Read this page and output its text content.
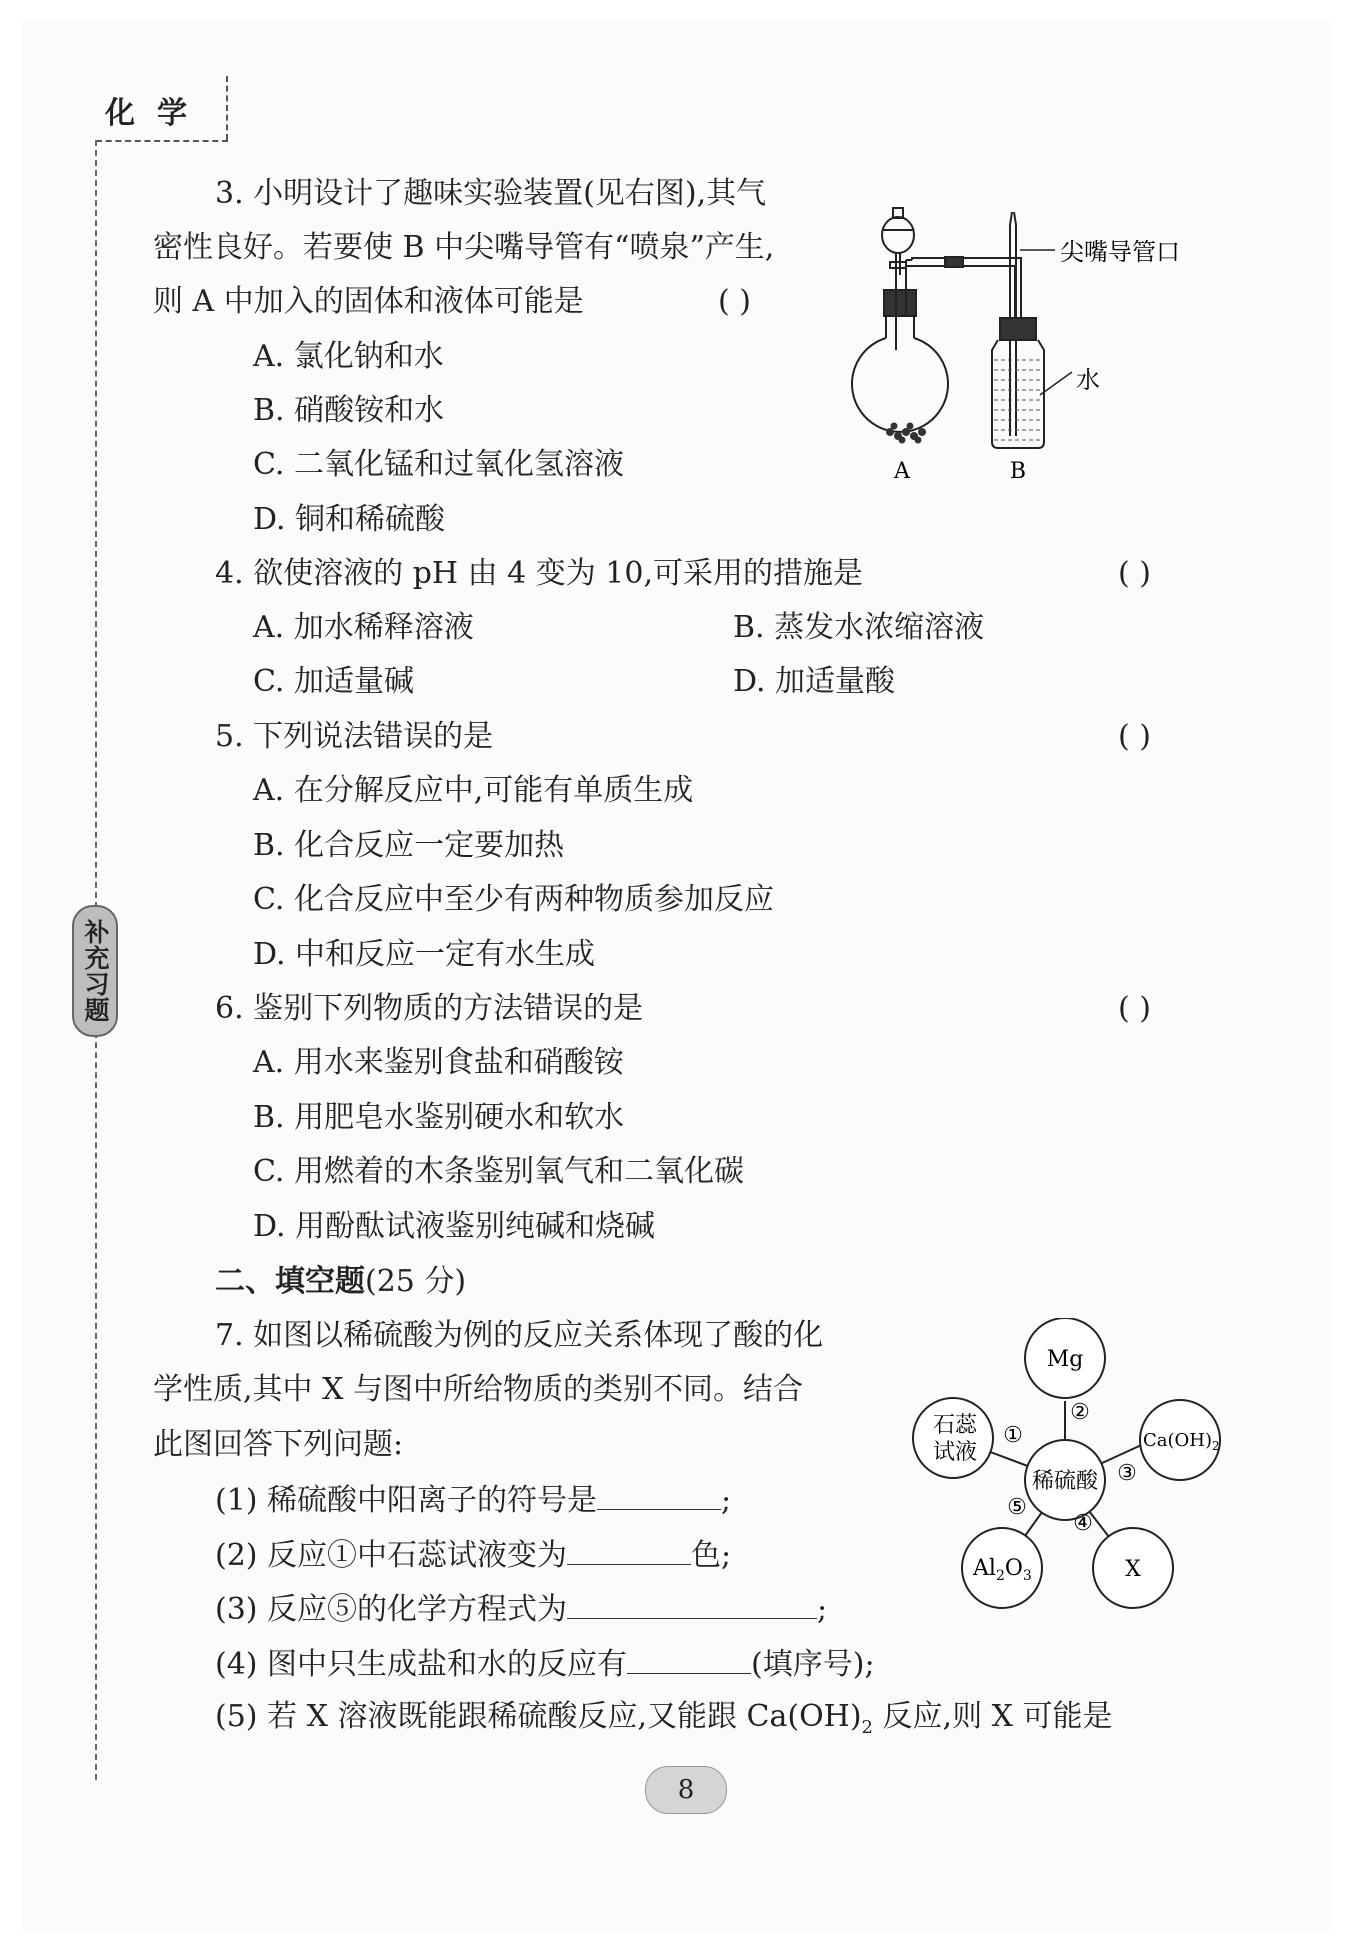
化学
补充习题
3. 小明设计了趣味实验装置(见右图),其气
密性良好。若要使 B 中尖嘴导管有“喷泉”产生,
则 A 中加入的固体和液体可能是	( )
A. 氯化钠和水
B. 硝酸铵和水
C. 二氧化锰和过氧化氢溶液
D. 铜和稀硫酸
尖嘴导管口
水
A	B
4. 欲使溶液的 pH 由 4 变为 10,可采用的措施是	( )
A. 加水稀释溶液	B. 蒸发水浓缩溶液
C. 加适量碱	D. 加适量酸
5. 下列说法错误的是	( )
A. 在分解反应中,可能有单质生成
B. 化合反应一定要加热
C. 化合反应中至少有两种物质参加反应
D. 中和反应一定有水生成
6. 鉴别下列物质的方法错误的是	( )
A. 用水来鉴别食盐和硝酸铵
B. 用肥皂水鉴别硬水和软水
C. 用燃着的木条鉴别氧气和二氧化碳
D. 用酚酞试液鉴别纯碱和烧碱
二、填空题(25 分)
7. 如图以稀硫酸为例的反应关系体现了酸的化
学性质,其中 X 与图中所给物质的类别不同。结合
此图回答下列问题:
(1) 稀硫酸中阳离子的符号是	;
(2) 反应①中石蕊试液变为	色;
(3) 反应⑤的化学方程式为	;
(4) 图中只生成盐和水的反应有	(填序号);
(5) 若 X 溶液既能跟稀硫酸反应,又能跟 $Ca(OH)_2$ 反应,则 X 可能是
Mg
石蕊
试液
稀硫酸
$Ca(OH)_2$
$Al_2O_3$	X
①
②
③
④
⑤
8
